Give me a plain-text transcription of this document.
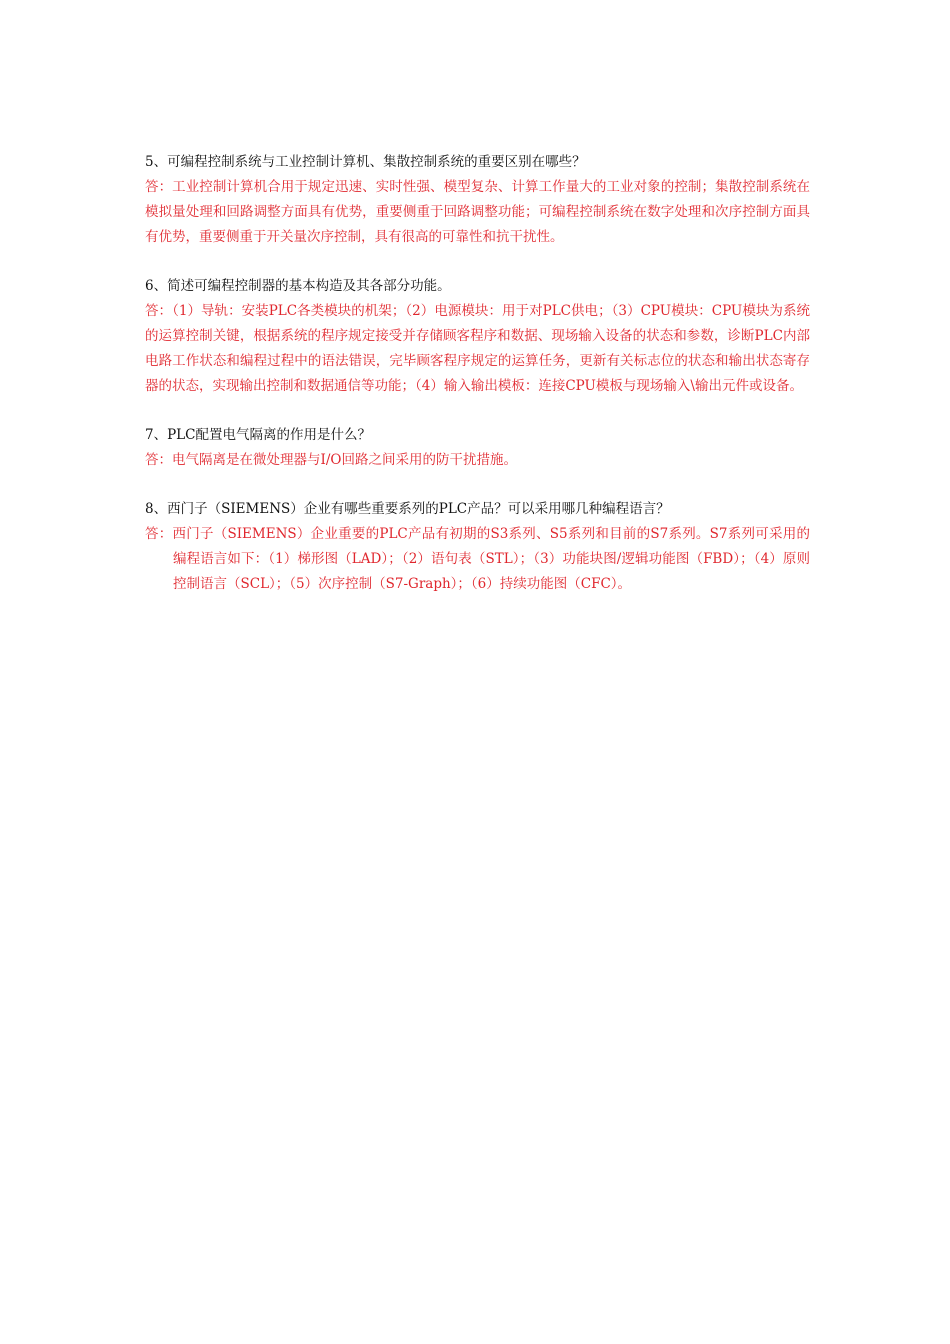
5、可编程控制系统与工业控制计算机、集散控制系统的重要区别在哪些？
答：工业控制计算机合用于规定迅速、实时性强、模型复杂、计算工作量大的工业对象的控制；集散控制系统在模拟量处理和回路调整方面具有优势，重要侧重于回路调整功能；可编程控制系统在数字处理和次序控制方面具有优势，重要侧重于开关量次序控制，具有很高的可靠性和抗干扰性。
6、简述可编程控制器的基本构造及其各部分功能。
答：（1）导轨：安装PLC各类模块的机架；（2）电源模块：用于对PLC供电；（3）CPU模块：CPU模块为系统的运算控制关键，根据系统的程序规定接受并存储顾客程序和数据、现场输入设备的状态和参数，诊断PLC内部电路工作状态和编程过程中的语法错误，完毕顾客程序规定的运算任务，更新有关标志位的状态和输出状态寄存器的状态，实现输出控制和数据通信等功能；（4）输入输出模板：连接CPU模板与现场输入\输出元件或设备。
7、PLC配置电气隔离的作用是什么？
答：电气隔离是在微处理器与I/O回路之间采用的防干扰措施。
8、西门子（SIEMENS）企业有哪些重要系列的PLC产品？可以采用哪几种编程语言？
答：西门子（SIEMENS）企业重要的PLC产品有初期的S3系列、S5系列和目前的S7系列。S7系列可采用的编程语言如下：（1）梯形图（LAD）；（2）语句表（STL）；（3）功能块图/逻辑功能图（FBD）；（4）原则控制语言（SCL）；（5）次序控制（S7-Graph）；（6）持续功能图（CFC）。
